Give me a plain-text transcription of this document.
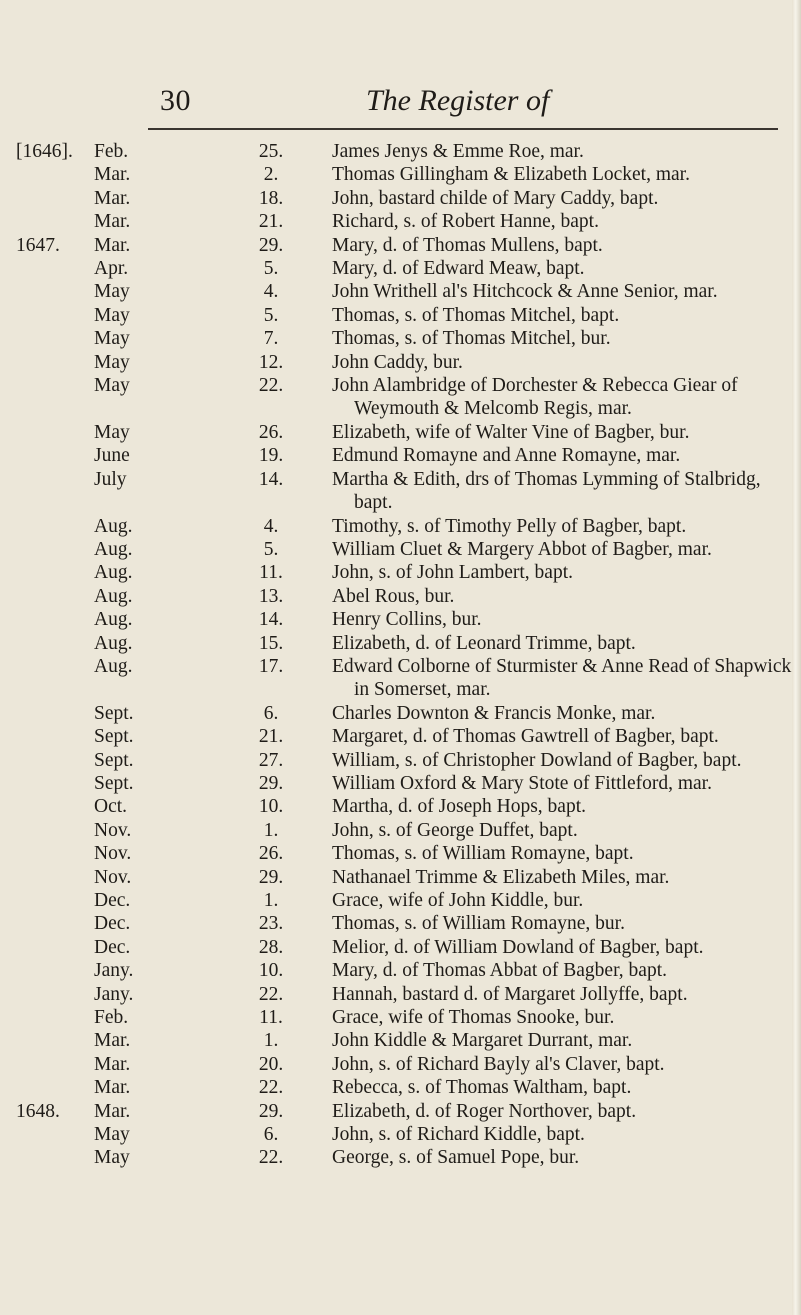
30	The Register of
[1646].	Feb.	25.	James Jenys & Emme Roe, mar.
Mar.	2.	Thomas Gillingham & Elizabeth Locket, mar.
Mar.	18.	John, bastard childe of Mary Caddy, bapt.
Mar.	21.	Richard, s. of Robert Hanne, bapt.
1647.	Mar.	29.	Mary, d. of Thomas Mullens, bapt.
Apr.	5.	Mary, d. of Edward Meaw, bapt.
May	4.	John Writhell al's Hitchcock & Anne Senior, mar.
May	5.	Thomas, s. of Thomas Mitchel, bapt.
May	7.	Thomas, s. of Thomas Mitchel, bur.
May	12.	John Caddy, bur.
May	22.	John Alambridge of Dorchester & Rebecca Giear of Weymouth & Melcomb Regis, mar.
May	26.	Elizabeth, wife of Walter Vine of Bagber, bur.
June	19.	Edmund Romayne and Anne Romayne, mar.
July	14.	Martha & Edith, drs of Thomas Lymming of Stalbridg, bapt.
Aug.	4.	Timothy, s. of Timothy Pelly of Bagber, bapt.
Aug.	5.	William Cluet & Margery Abbot of Bagber, mar.
Aug.	11.	John, s. of John Lambert, bapt.
Aug.	13.	Abel Rous, bur.
Aug.	14.	Henry Collins, bur.
Aug.	15.	Elizabeth, d. of Leonard Trimme, bapt.
Aug.	17.	Edward Colborne of Sturmister & Anne Read of Shapwick in Somerset, mar.
Sept.	6.	Charles Downton & Francis Monke, mar.
Sept.	21.	Margaret, d. of Thomas Gawtrell of Bagber, bapt.
Sept.	27.	William, s. of Christopher Dowland of Bagber, bapt.
Sept.	29.	William Oxford & Mary Stote of Fittleford, mar.
Oct.	10.	Martha, d. of Joseph Hops, bapt.
Nov.	1.	John, s. of George Duffet, bapt.
Nov.	26.	Thomas, s. of William Romayne, bapt.
Nov.	29.	Nathanael Trimme & Elizabeth Miles, mar.
Dec.	1.	Grace, wife of John Kiddle, bur.
Dec.	23.	Thomas, s. of William Romayne, bur.
Dec.	28.	Melior, d. of William Dowland of Bagber, bapt.
Jany.	10.	Mary, d. of Thomas Abbat of Bagber, bapt.
Jany.	22.	Hannah, bastard d. of Margaret Jollyffe, bapt.
Feb.	11.	Grace, wife of Thomas Snooke, bur.
Mar.	1.	John Kiddle & Margaret Durrant, mar.
Mar.	20.	John, s. of Richard Bayly al's Claver, bapt.
Mar.	22.	Rebecca, s. of Thomas Waltham, bapt.
1648.	Mar.	29.	Elizabeth, d. of Roger Northover, bapt.
May	6.	John, s. of Richard Kiddle, bapt.
May	22.	George, s. of Samuel Pope, bur.
